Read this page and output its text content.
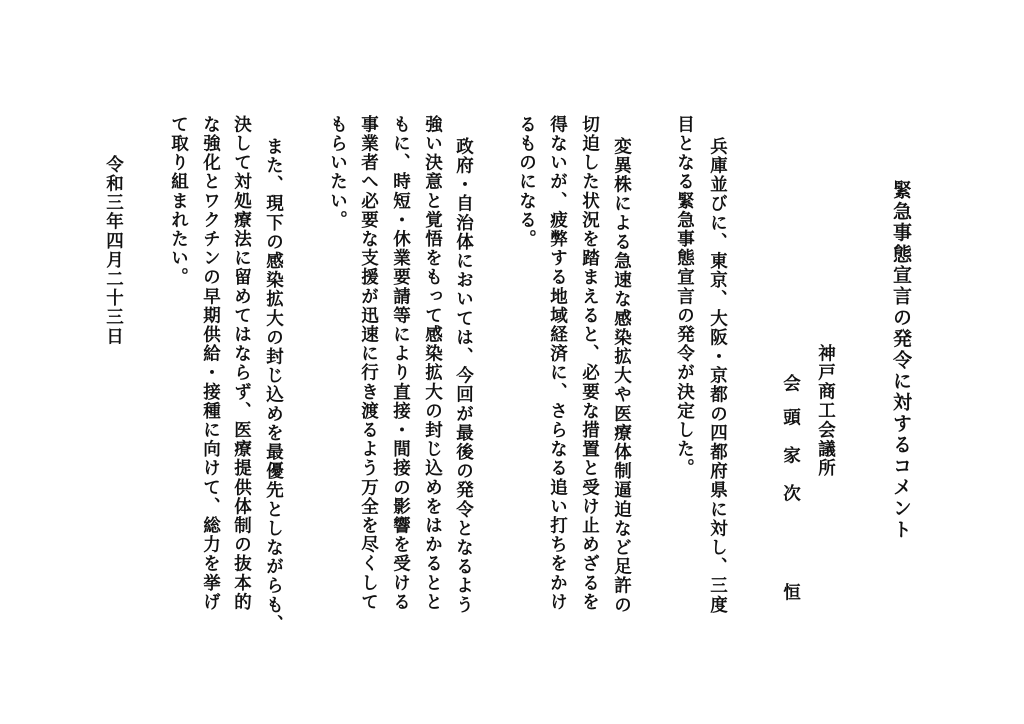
緊急事態宣言の発令に対するコメント
神戸商工会議所
会
頭
家
次
恒
兵庫並びに、東京、大阪・京都の四都府県に対し、三度
目となる緊急事態宣言の発令が決定した。
変異株による急速な感染拡大や医療体制逼迫など足許の
切迫した状況を踏まえると、必要な措置と受け止めざるを
得ないが、疲弊する地域経済に、さらなる追い打ちをかけ
るものになる。
政府・自治体においては、今回が最後の発令となるよう
強い決意と覚悟をもって感染拡大の封じ込めをはかるとと
もに、時短・休業要請等により直接・間接の影響を受ける
事業者へ必要な支援が迅速に行き渡るよう万全を尽くして
もらいたい。
また、現下の感染拡大の封じ込めを最優先としながらも、
決して対処療法に留めてはならず、医療提供体制の抜本的
な強化とワクチンの早期供給・接種に向けて、総力を挙げ
て取り組まれたい。
令和三年四月二十三日
